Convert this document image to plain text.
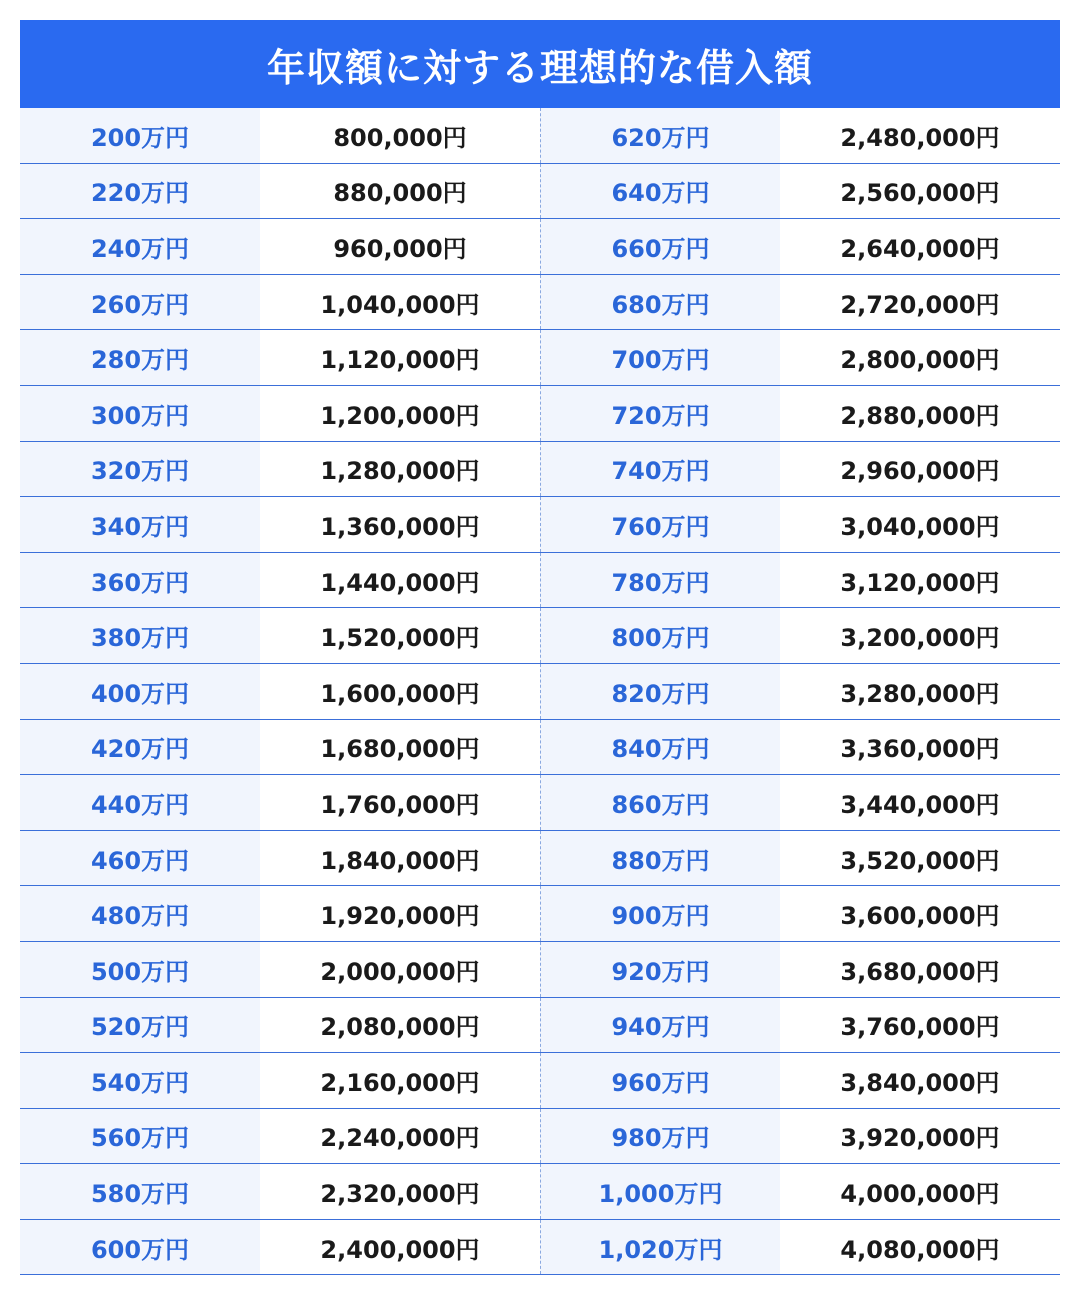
年収額に対する理想的な借入額
200万円	800,000円	620万円	2,480,000円
220万円	880,000円	640万円	2,560,000円
240万円	960,000円	660万円	2,640,000円
260万円	1,040,000円	680万円	2,720,000円
280万円	1,120,000円	700万円	2,800,000円
300万円	1,200,000円	720万円	2,880,000円
320万円	1,280,000円	740万円	2,960,000円
340万円	1,360,000円	760万円	3,040,000円
360万円	1,440,000円	780万円	3,120,000円
380万円	1,520,000円	800万円	3,200,000円
400万円	1,600,000円	820万円	3,280,000円
420万円	1,680,000円	840万円	3,360,000円
440万円	1,760,000円	860万円	3,440,000円
460万円	1,840,000円	880万円	3,520,000円
480万円	1,920,000円	900万円	3,600,000円
500万円	2,000,000円	920万円	3,680,000円
520万円	2,080,000円	940万円	3,760,000円
540万円	2,160,000円	960万円	3,840,000円
560万円	2,240,000円	980万円	3,920,000円
580万円	2,320,000円	1,000万円	4,000,000円
600万円	2,400,000円	1,020万円	4,080,000円
